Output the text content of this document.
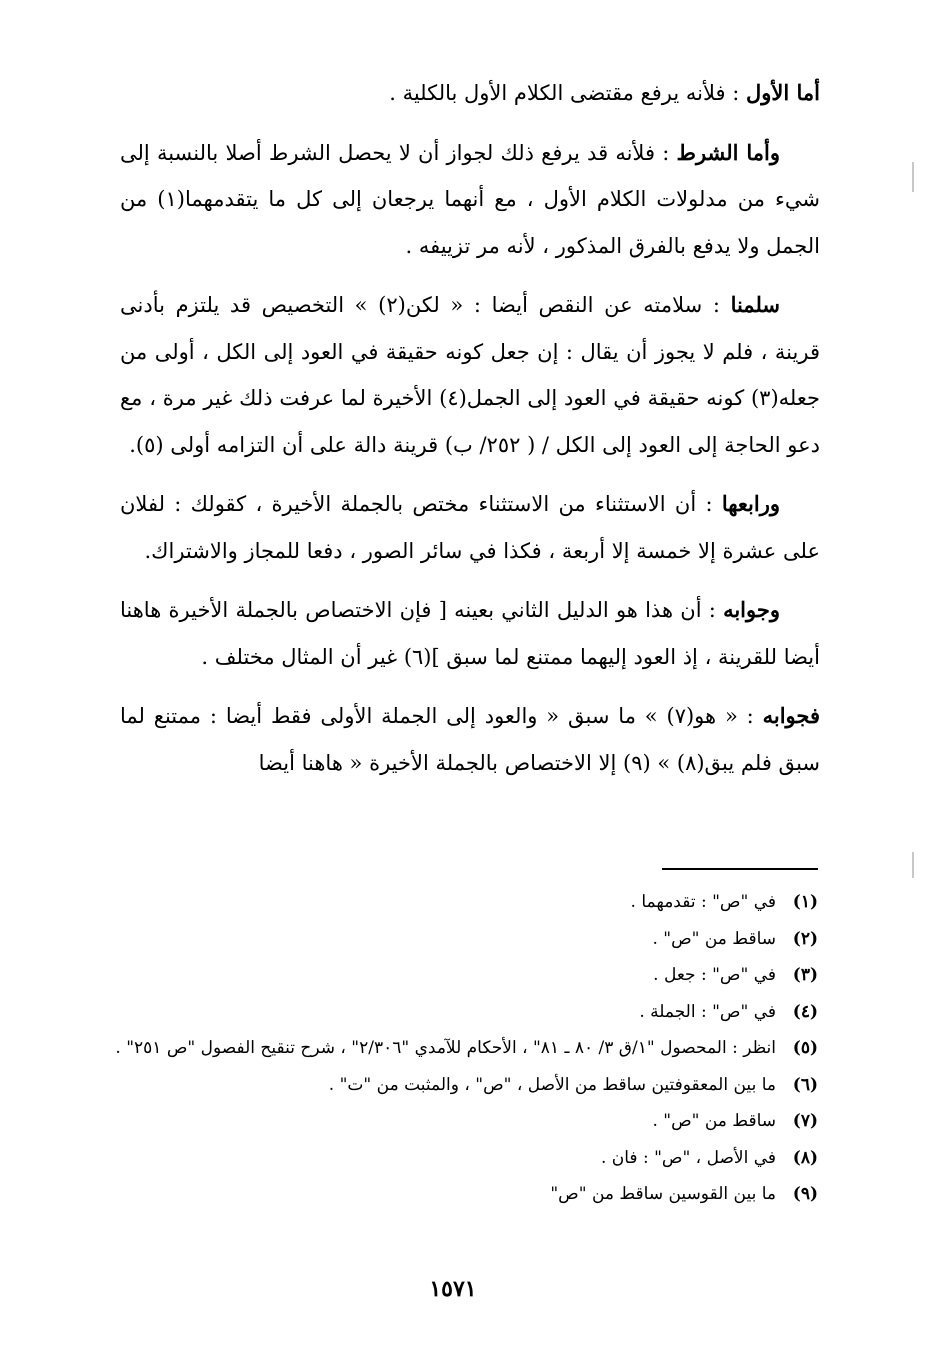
أما الأول : فلأنه يرفع مقتضى الكلام الأول بالكلية .

وأما الشرط : فلأنه قد يرفع ذلك لجواز أن لا يحصل الشرط أصلا بالنسبة إلى شيء من مدلولات الكلام الأول ، مع أنهما يرجعان إلى كل ما يتقدمهما(١) من الجمل ولا يدفع بالفرق المذكور ، لأنه مر تزييفه .

سلمنا : سلامته عن النقص أيضا : « لكن(٢) » التخصيص قد يلتزم بأدنى قرينة ، فلم لا يجوز أن يقال : إن جعل كونه حقيقة في العود إلى الكل ، أولى من جعله(٣) كونه حقيقة في العود إلى الجمل(٤) الأخيرة لما عرفت ذلك غير مرة ، مع دعو الحاجة إلى العود إلى الكل / ( ٢٥٢/ ب) قرينة دالة على أن التزامه أولى (٥).

ورابعها : أن الاستثناء من الاستثناء مختص بالجملة الأخيرة ، كقولك : لفلان على عشرة إلا خمسة إلا أربعة ، فكذا في سائر الصور ، دفعا للمجاز والاشتراك.

وجوابه : أن هذا هو الدليل الثاني بعينه [ فإن الاختصاص بالجملة الأخيرة هاهنا أيضا للقرينة ، إذ العود إليهما ممتنع لما سبق ](٦) غير أن المثال مختلف .

فجوابه : « هو(٧) » ما سبق « والعود إلى الجملة الأولى فقط أيضا : ممتنع لما سبق فلم يبق(٨) » (٩) إلا الاختصاص بالجملة الأخيرة « هاهنا أيضا

(١)
في "ص" : تقدمهما .
(٢)
ساقط من "ص" .
(٣)
في "ص" : جعل .
(٤)
في "ص" : الجملة .
(٥)
انظر : المحصول "١/ق ٣/ ٨٠ ـ ٨١" ، الأحكام للآمدي "٢/٣٠٦" ، شرح تنقيح الفصول "ص ٢٥١" .
(٦)
ما بين المعقوفتين ساقط من الأصل ، "ص" ، والمثبت من "ت" .
(٧)
ساقط من "ص" .
(٨)
في الأصل ، "ص" : فان .
(٩)
ما بين القوسين ساقط من "ص"
١٥٧١
